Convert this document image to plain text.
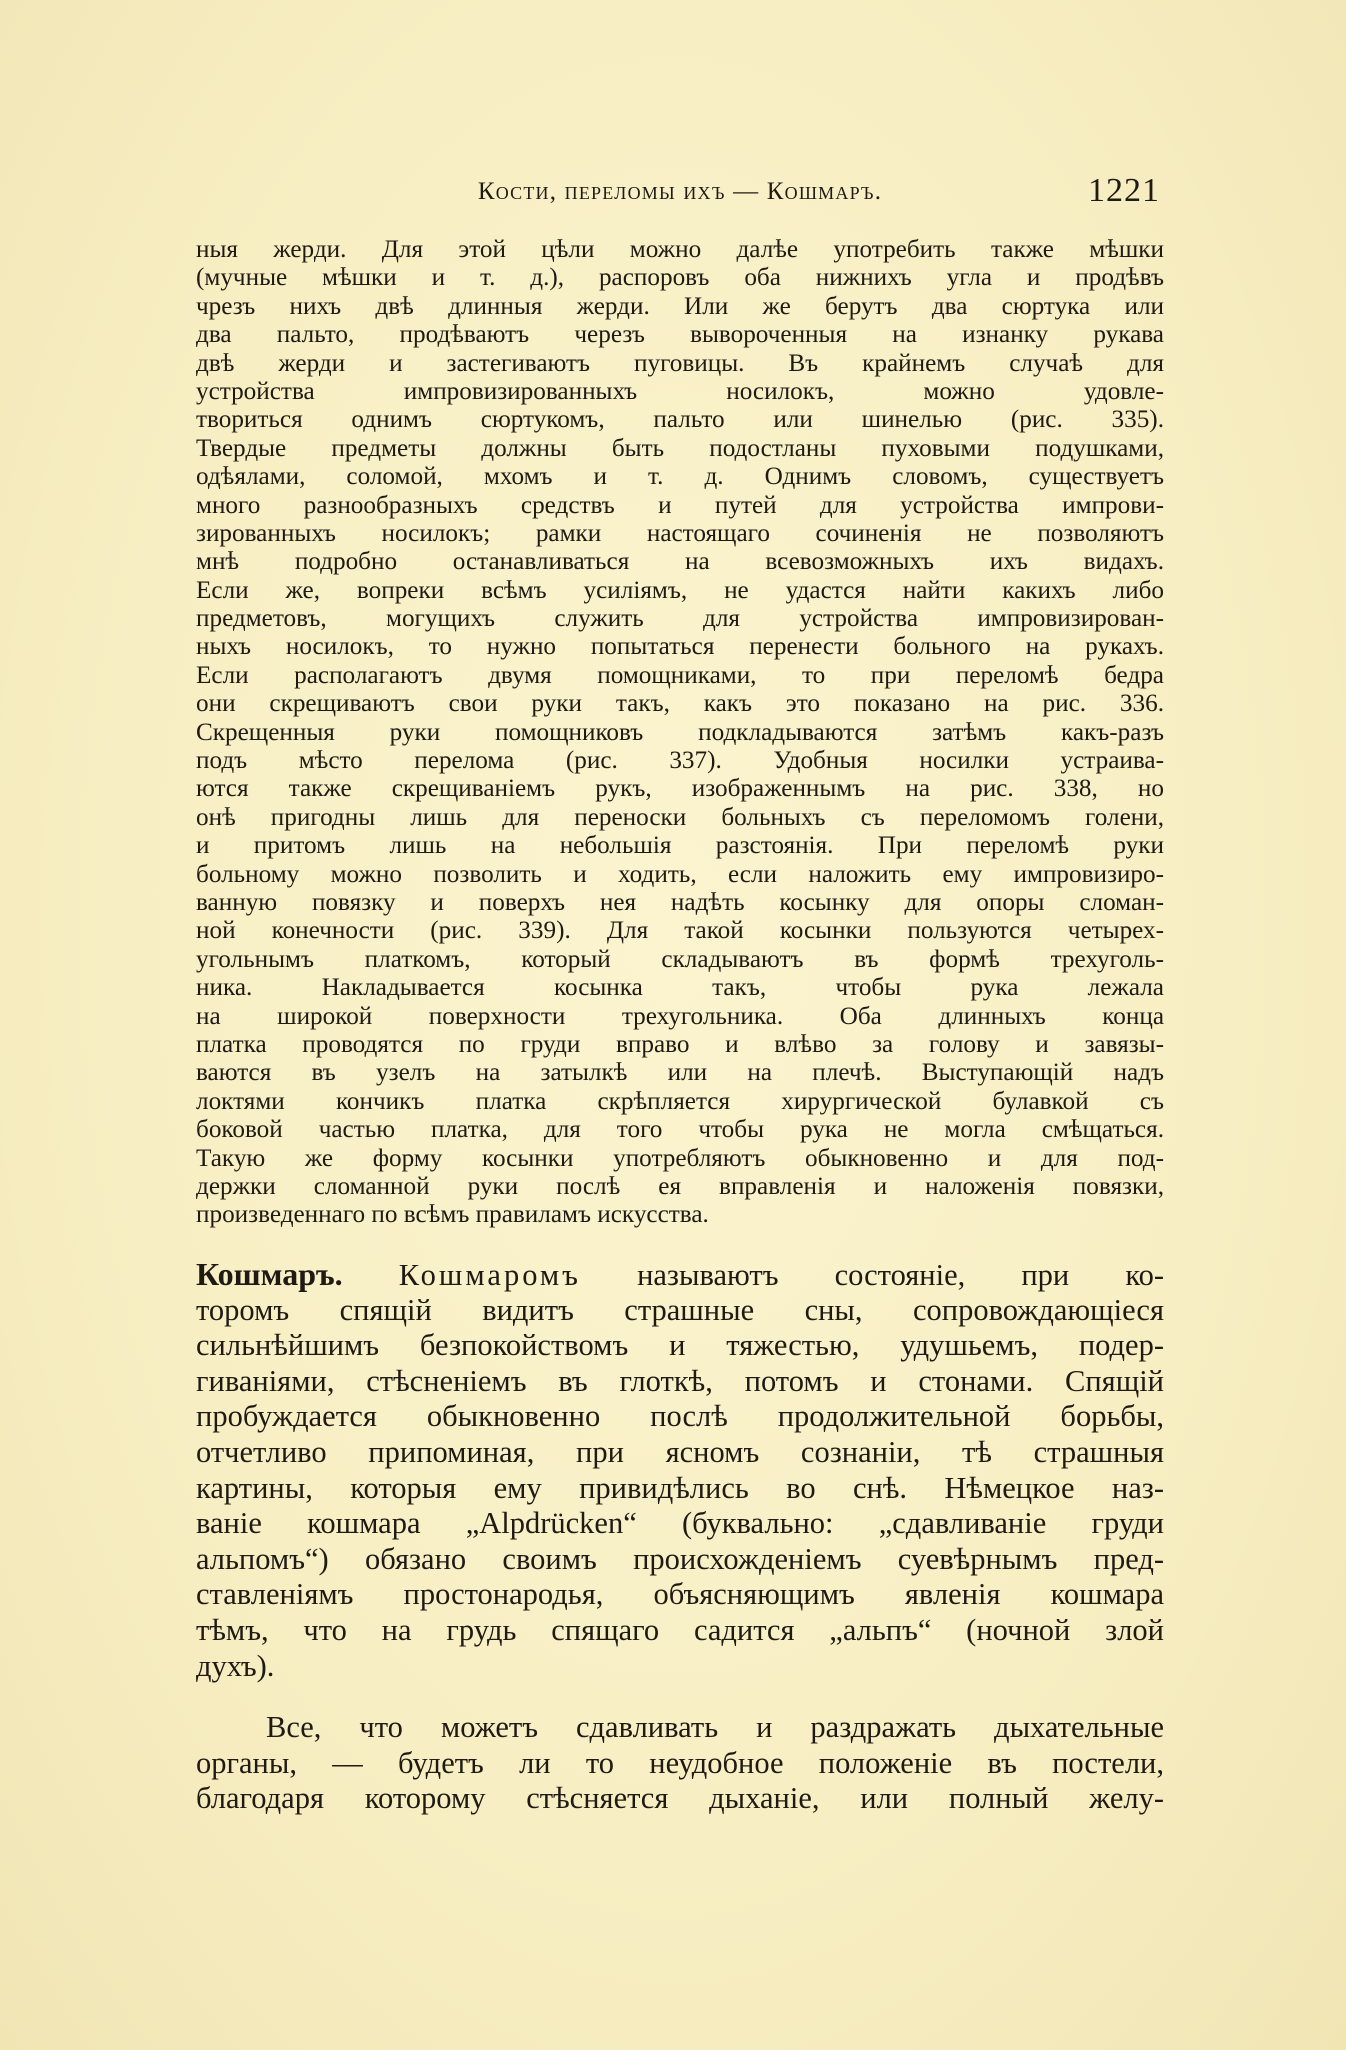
Кости, переломы ихъ — Кошмаръ.	1221
ныя жерди. Для этой цѣли можно далѣе употребить также мѣшки
(мучные мѣшки и т. д.), распоровъ оба нижнихъ угла и продѣвъ
чрезъ нихъ двѣ длинныя жерди. Или же берутъ два сюртука или
два пальто, продѣваютъ черезъ вывороченныя на изнанку рукава
двѣ жерди и застегиваютъ пуговицы. Въ крайнемъ случаѣ для
устройства импровизированныхъ носилокъ, можно удовле-
твориться однимъ сюртукомъ, пальто или шинелью (рис. 335).
Твердые предметы должны быть подостланы пуховыми подушками,
одѣялами, соломой, мхомъ и т. д. Однимъ словомъ, существуетъ
много разнообразныхъ средствъ и путей для устройства импрови-
зированныхъ носилокъ; рамки настоящаго сочиненія не позволяютъ
мнѣ подробно останавливаться на всевозможныхъ ихъ видахъ.
Если же, вопреки всѣмъ усиліямъ, не удастся найти какихъ либо
предметовъ, могущихъ служить для устройства импровизирован-
ныхъ носилокъ, то нужно попытаться перенести больного на рукахъ.
Если располагаютъ двумя помощниками, то при переломѣ бедра
они скрещиваютъ свои руки такъ, какъ это показано на рис. 336.
Скрещенныя руки помощниковъ подкладываются затѣмъ какъ-разъ
подъ мѣсто перелома (рис. 337). Удобныя носилки устраива-
ются также скрещиваніемъ рукъ, изображеннымъ на рис. 338, но
онѣ пригодны лишь для переноски больныхъ съ переломомъ голени,
и притомъ лишь на небольшія разстоянія. При переломѣ руки
больному можно позволить и ходить, если наложить ему импровизиро-
ванную повязку и поверхъ нея надѣть косынку для опоры сломан-
ной конечности (рис. 339). Для такой косынки пользуются четырех-
угольнымъ платкомъ, который складываютъ въ формѣ трехуголь-
ника. Накладывается косынка такъ, чтобы рука лежала
на широкой поверхности трехугольника. Оба длинныхъ конца
платка проводятся по груди вправо и влѣво за голову и завязы-
ваются въ узелъ на затылкѣ или на плечѣ. Выступающій надъ
локтями кончикъ платка скрѣпляется хирургической булавкой съ
боковой частью платка, для того чтобы рука не могла смѣщаться.
Такую же форму косынки употребляютъ обыкновенно и для под-
держки сломанной руки послѣ ея вправленія и наложенія повязки,
произведеннаго по всѣмъ правиламъ искусства.
Кошмаръ. Кошмаромъ называютъ состояніе, при ко-
торомъ спящій видитъ страшные сны, сопровождающіеся
сильнѣйшимъ безпокойствомъ и тяжестью, удушьемъ, подер-
гиваніями, стѣсненіемъ въ глоткѣ, потомъ и стонами. Спящій
пробуждается обыкновенно послѣ продолжительной борьбы,
отчетливо припоминая, при ясномъ сознаніи, тѣ страшныя
картины, которыя ему привидѣлись во снѣ. Нѣмецкое наз-
ваніе кошмара „Alpdrücken“ (буквально: „сдавливаніе груди
альпомъ“) обязано своимъ происхожденіемъ суевѣрнымъ пред-
ставленіямъ простонародья, объясняющимъ явленія кошмара
тѣмъ, что на грудь спящаго садится „альпъ“ (ночной злой
духъ).
Все, что можетъ сдавливать и раздражать дыхательные
органы, — будетъ ли то неудобное положеніе въ постели,
благодаря которому стѣсняется дыханіе, или полный желу-
